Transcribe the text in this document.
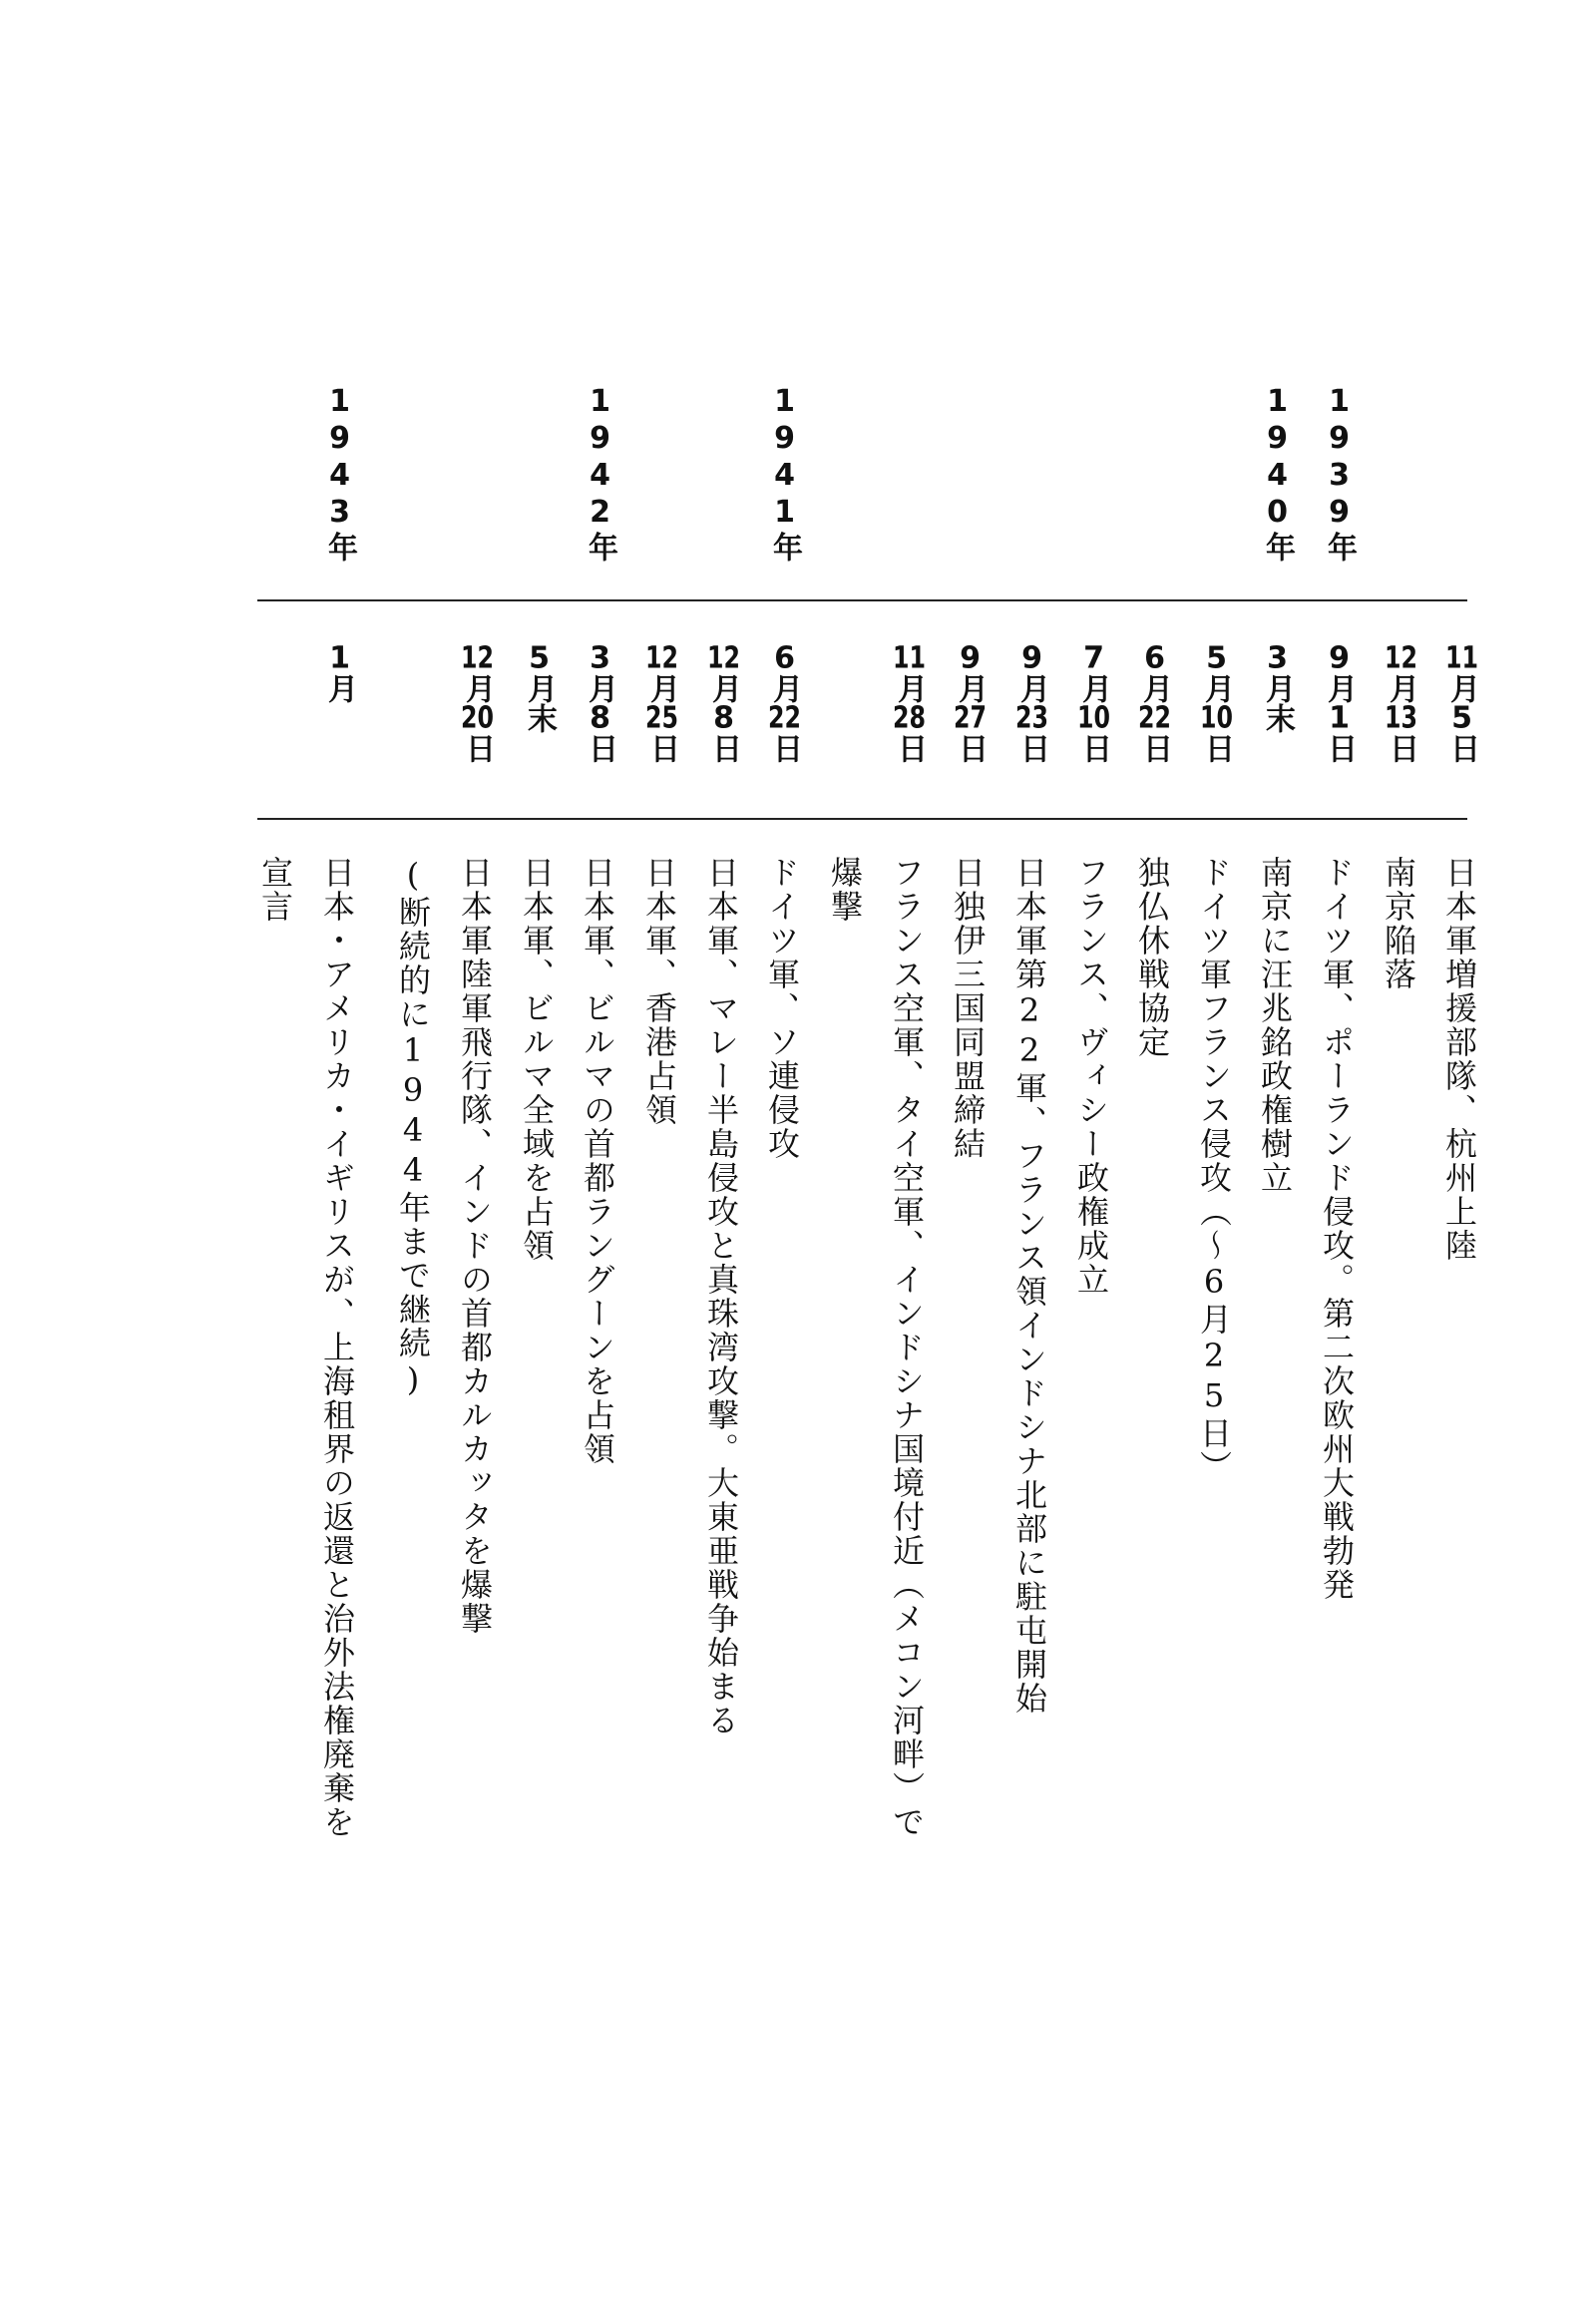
1939年
1940年
1941年
1942年
1943年
11月5日
12月13日
9月1日
3月末
5月10日
6月22日
7月10日
9月23日
9月27日
11月28日
6月22日
12月8日
12月25日
3月8日
5月末
12月20日
1月
日本軍増援部隊、杭州上陸
南京陥落
ドイツ軍、ポーランド侵攻。第二次欧州大戦勃発
南京に汪兆銘政権樹立
ドイツ軍フランス侵攻（〜6月25日）
独仏休戦協定
フランス、ヴィシー政権成立
日本軍第22軍、フランス領インドシナ北部に駐屯開始
日独伊三国同盟締結
フランス空軍、タイ空軍、インドシナ国境付近（メコン河畔）で
爆撃
ドイツ軍、ソ連侵攻
日本軍、マレー半島侵攻と真珠湾攻撃。大東亜戦争始まる
日本軍、香港占領
日本軍、ビルマの首都ラングーンを占領
日本軍、ビルマ全域を占領
日本軍陸軍飛行隊、インドの首都カルカッタを爆撃
(断続的に1944年まで継続)
日本・アメリカ・イギリスが、上海租界の返還と治外法権廃棄を
宣言
